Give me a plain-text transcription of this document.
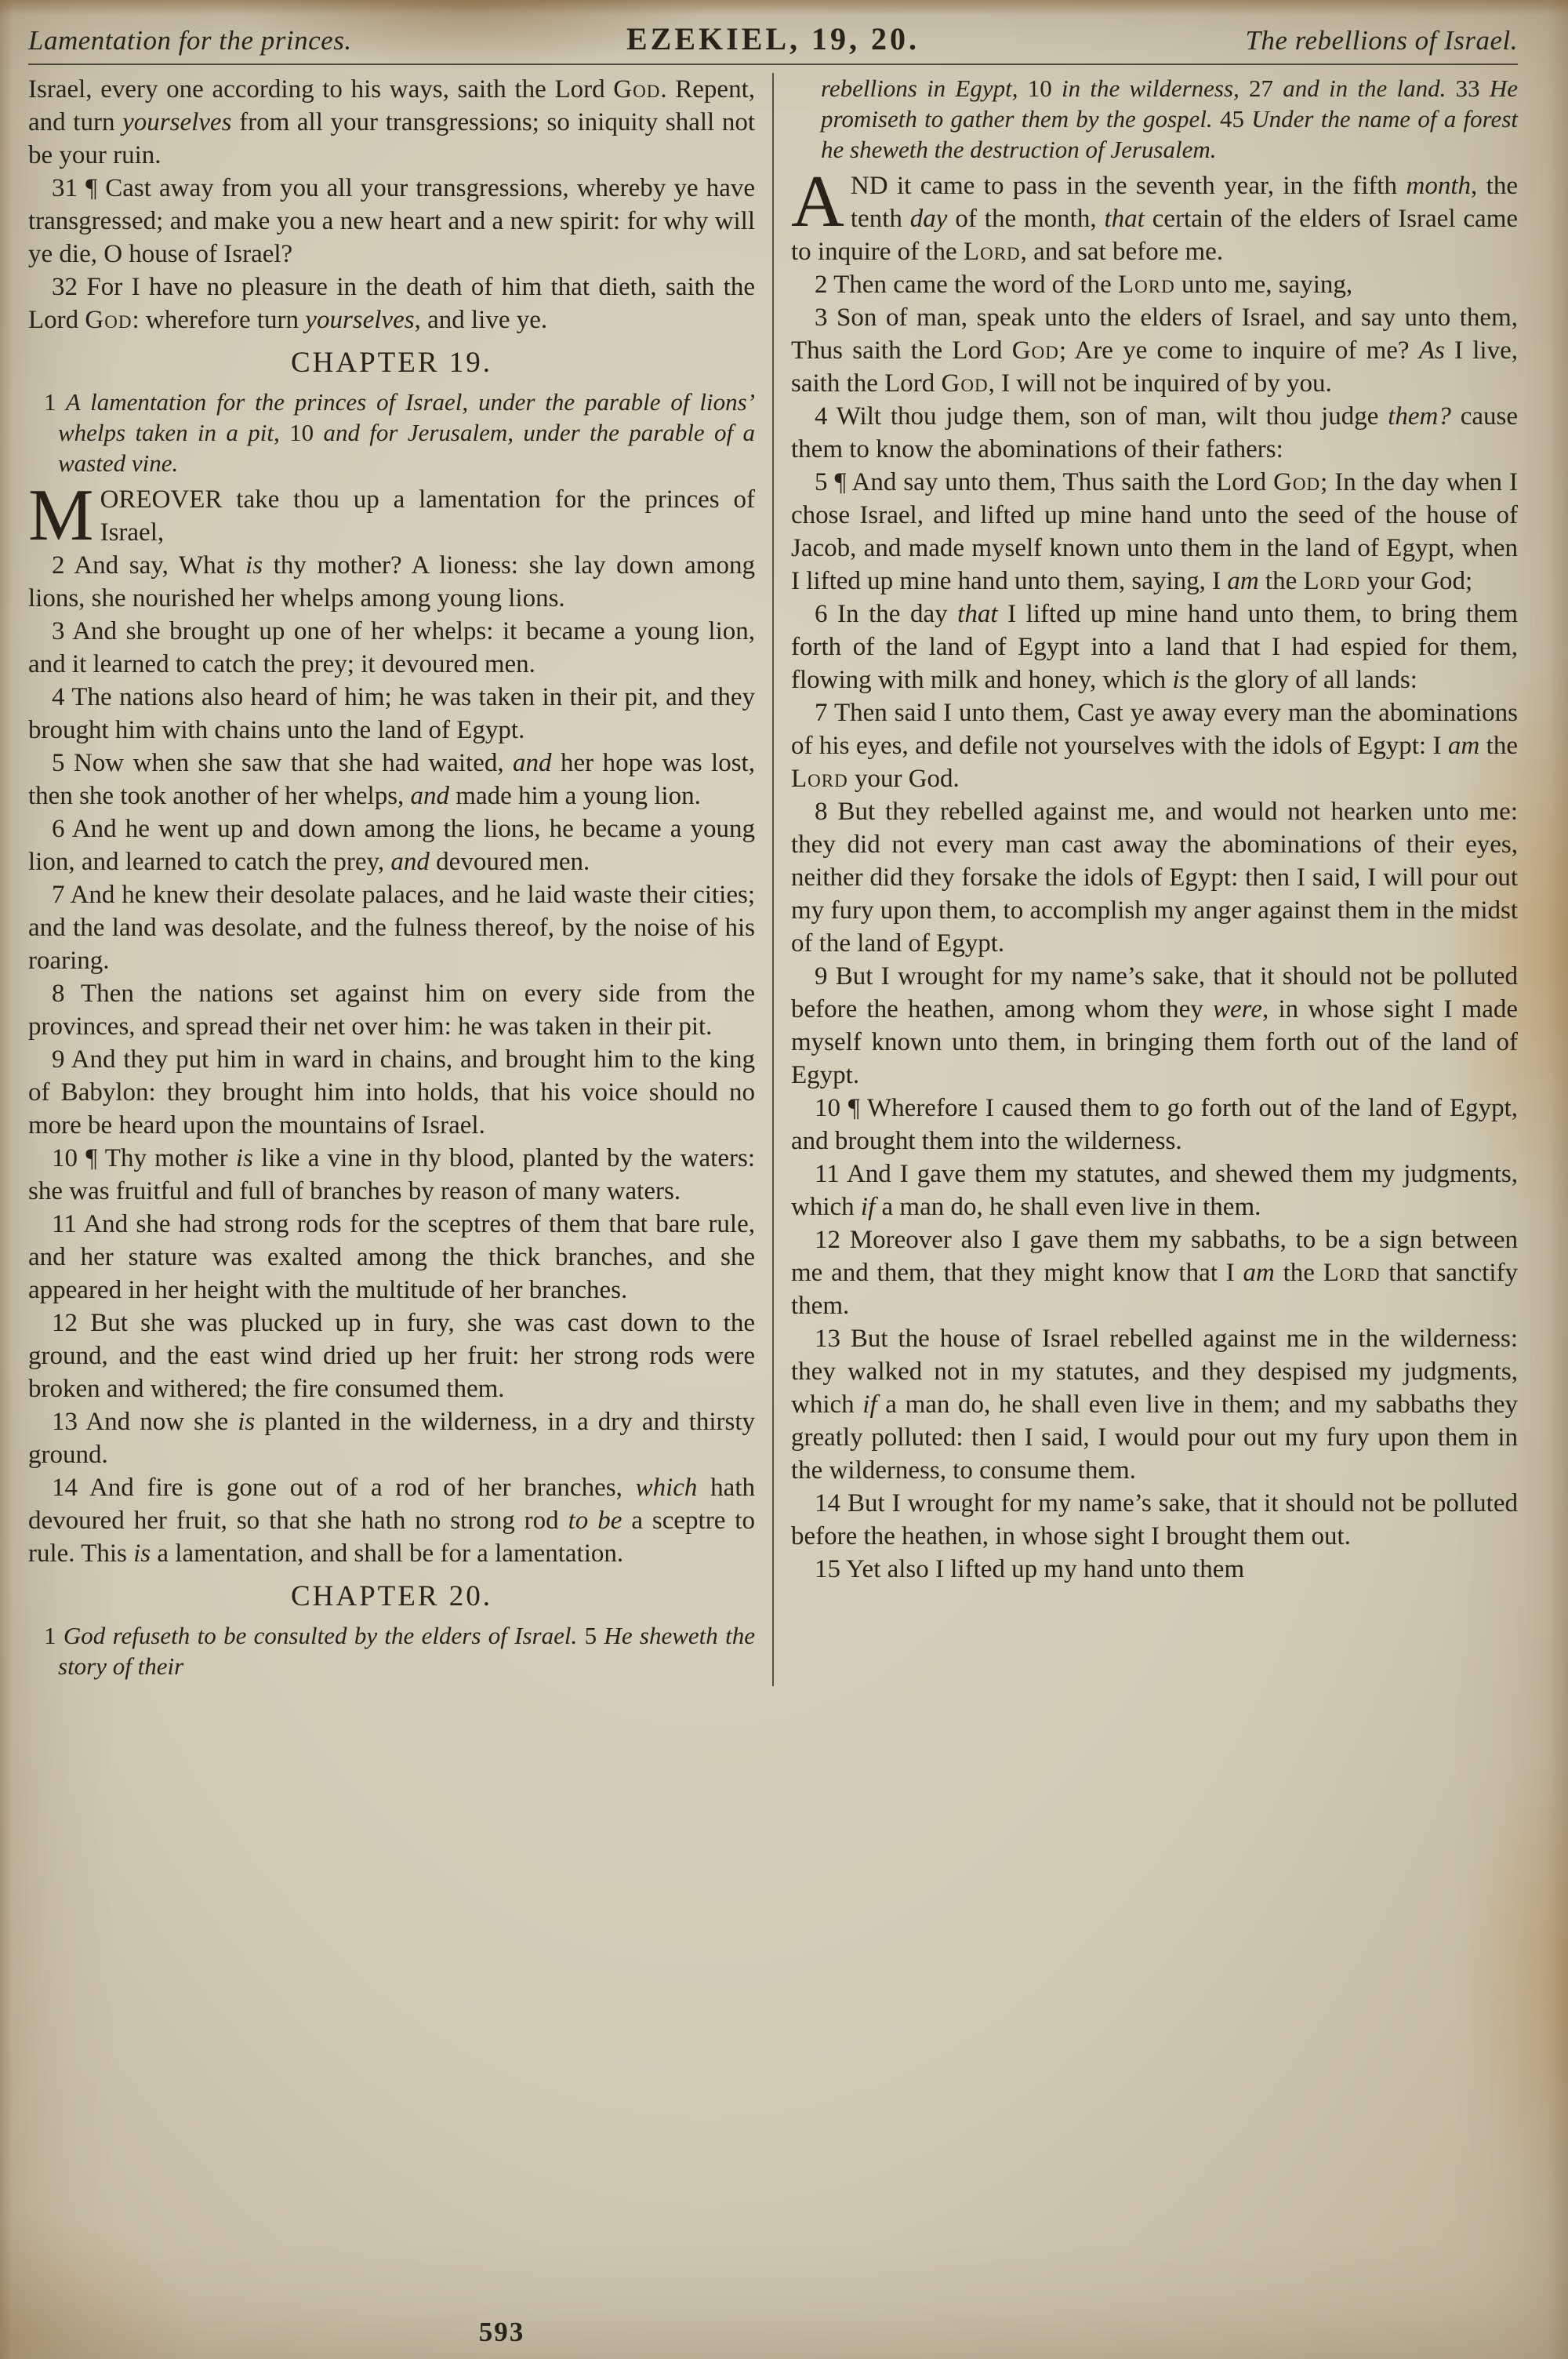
Lamentation for the princes.	EZEKIEL, 19, 20.	The rebellions of Israel.

Israel, every one according to his ways, saith the Lord God. Repent, and turn yourselves from all your transgressions; so iniquity shall not be your ruin.

31 ¶ Cast away from you all your transgressions, whereby ye have transgressed; and make you a new heart and a new spirit: for why will ye die, O house of Israel?

32 For I have no pleasure in the death of him that dieth, saith the Lord God: wherefore turn yourselves, and live ye.

CHAPTER 19.

1 A lamentation for the princes of Israel, under the parable of lions’ whelps taken in a pit, 10 and for Jerusalem, under the parable of a wasted vine.

MOREOVER take thou up a lamentation for the princes of Israel,

2 And say, What is thy mother? A lioness: she lay down among lions, she nourished her whelps among young lions.

3 And she brought up one of her whelps: it became a young lion, and it learned to catch the prey; it devoured men.

4 The nations also heard of him; he was taken in their pit, and they brought him with chains unto the land of Egypt.

5 Now when she saw that she had waited, and her hope was lost, then she took another of her whelps, and made him a young lion.

6 And he went up and down among the lions, he became a young lion, and learned to catch the prey, and devoured men.

7 And he knew their desolate palaces, and he laid waste their cities; and the land was desolate, and the fulness thereof, by the noise of his roaring.

8 Then the nations set against him on every side from the provinces, and spread their net over him: he was taken in their pit.

9 And they put him in ward in chains, and brought him to the king of Babylon: they brought him into holds, that his voice should no more be heard upon the mountains of Israel.

10 ¶ Thy mother is like a vine in thy blood, planted by the waters: she was fruitful and full of branches by reason of many waters.

11 And she had strong rods for the sceptres of them that bare rule, and her stature was exalted among the thick branches, and she appeared in her height with the multitude of her branches.

12 But she was plucked up in fury, she was cast down to the ground, and the east wind dried up her fruit: her strong rods were broken and withered; the fire consumed them.

13 And now she is planted in the wilderness, in a dry and thirsty ground.

14 And fire is gone out of a rod of her branches, which hath devoured her fruit, so that she hath no strong rod to be a sceptre to rule. This is a lamentation, and shall be for a lamentation.

CHAPTER 20.

1 God refuseth to be consulted by the elders of Israel. 5 He sheweth the story of their

rebellions in Egypt, 10 in the wilderness, 27 and in the land. 33 He promiseth to gather them by the gospel. 45 Under the name of a forest he sheweth the destruction of Jerusalem.

AND it came to pass in the seventh year, in the fifth month, the tenth day of the month, that certain of the elders of Israel came to inquire of the Lord, and sat before me.

2 Then came the word of the Lord unto me, saying,

3 Son of man, speak unto the elders of Israel, and say unto them, Thus saith the Lord God; Are ye come to inquire of me? As I live, saith the Lord God, I will not be inquired of by you.

4 Wilt thou judge them, son of man, wilt thou judge them? cause them to know the abominations of their fathers:

5 ¶ And say unto them, Thus saith the Lord God; In the day when I chose Israel, and lifted up mine hand unto the seed of the house of Jacob, and made myself known unto them in the land of Egypt, when I lifted up mine hand unto them, saying, I am the Lord your God;

6 In the day that I lifted up mine hand unto them, to bring them forth of the land of Egypt into a land that I had espied for them, flowing with milk and honey, which is the glory of all lands:

7 Then said I unto them, Cast ye away every man the abominations of his eyes, and defile not yourselves with the idols of Egypt: I am the Lord your God.

8 But they rebelled against me, and would not hearken unto me: they did not every man cast away the abominations of their eyes, neither did they forsake the idols of Egypt: then I said, I will pour out my fury upon them, to accomplish my anger against them in the midst of the land of Egypt.

9 But I wrought for my name’s sake, that it should not be polluted before the heathen, among whom they were, in whose sight I made myself known unto them, in bringing them forth out of the land of Egypt.

10 ¶ Wherefore I caused them to go forth out of the land of Egypt, and brought them into the wilderness.

11 And I gave them my statutes, and shewed them my judgments, which if a man do, he shall even live in them.

12 Moreover also I gave them my sabbaths, to be a sign between me and them, that they might know that I am the Lord that sanctify them.

13 But the house of Israel rebelled against me in the wilderness: they walked not in my statutes, and they despised my judgments, which if a man do, he shall even live in them; and my sabbaths they greatly polluted: then I said, I would pour out my fury upon them in the wilderness, to consume them.

14 But I wrought for my name’s sake, that it should not be polluted before the heathen, in whose sight I brought them out.

15 Yet also I lifted up my hand unto them

593
